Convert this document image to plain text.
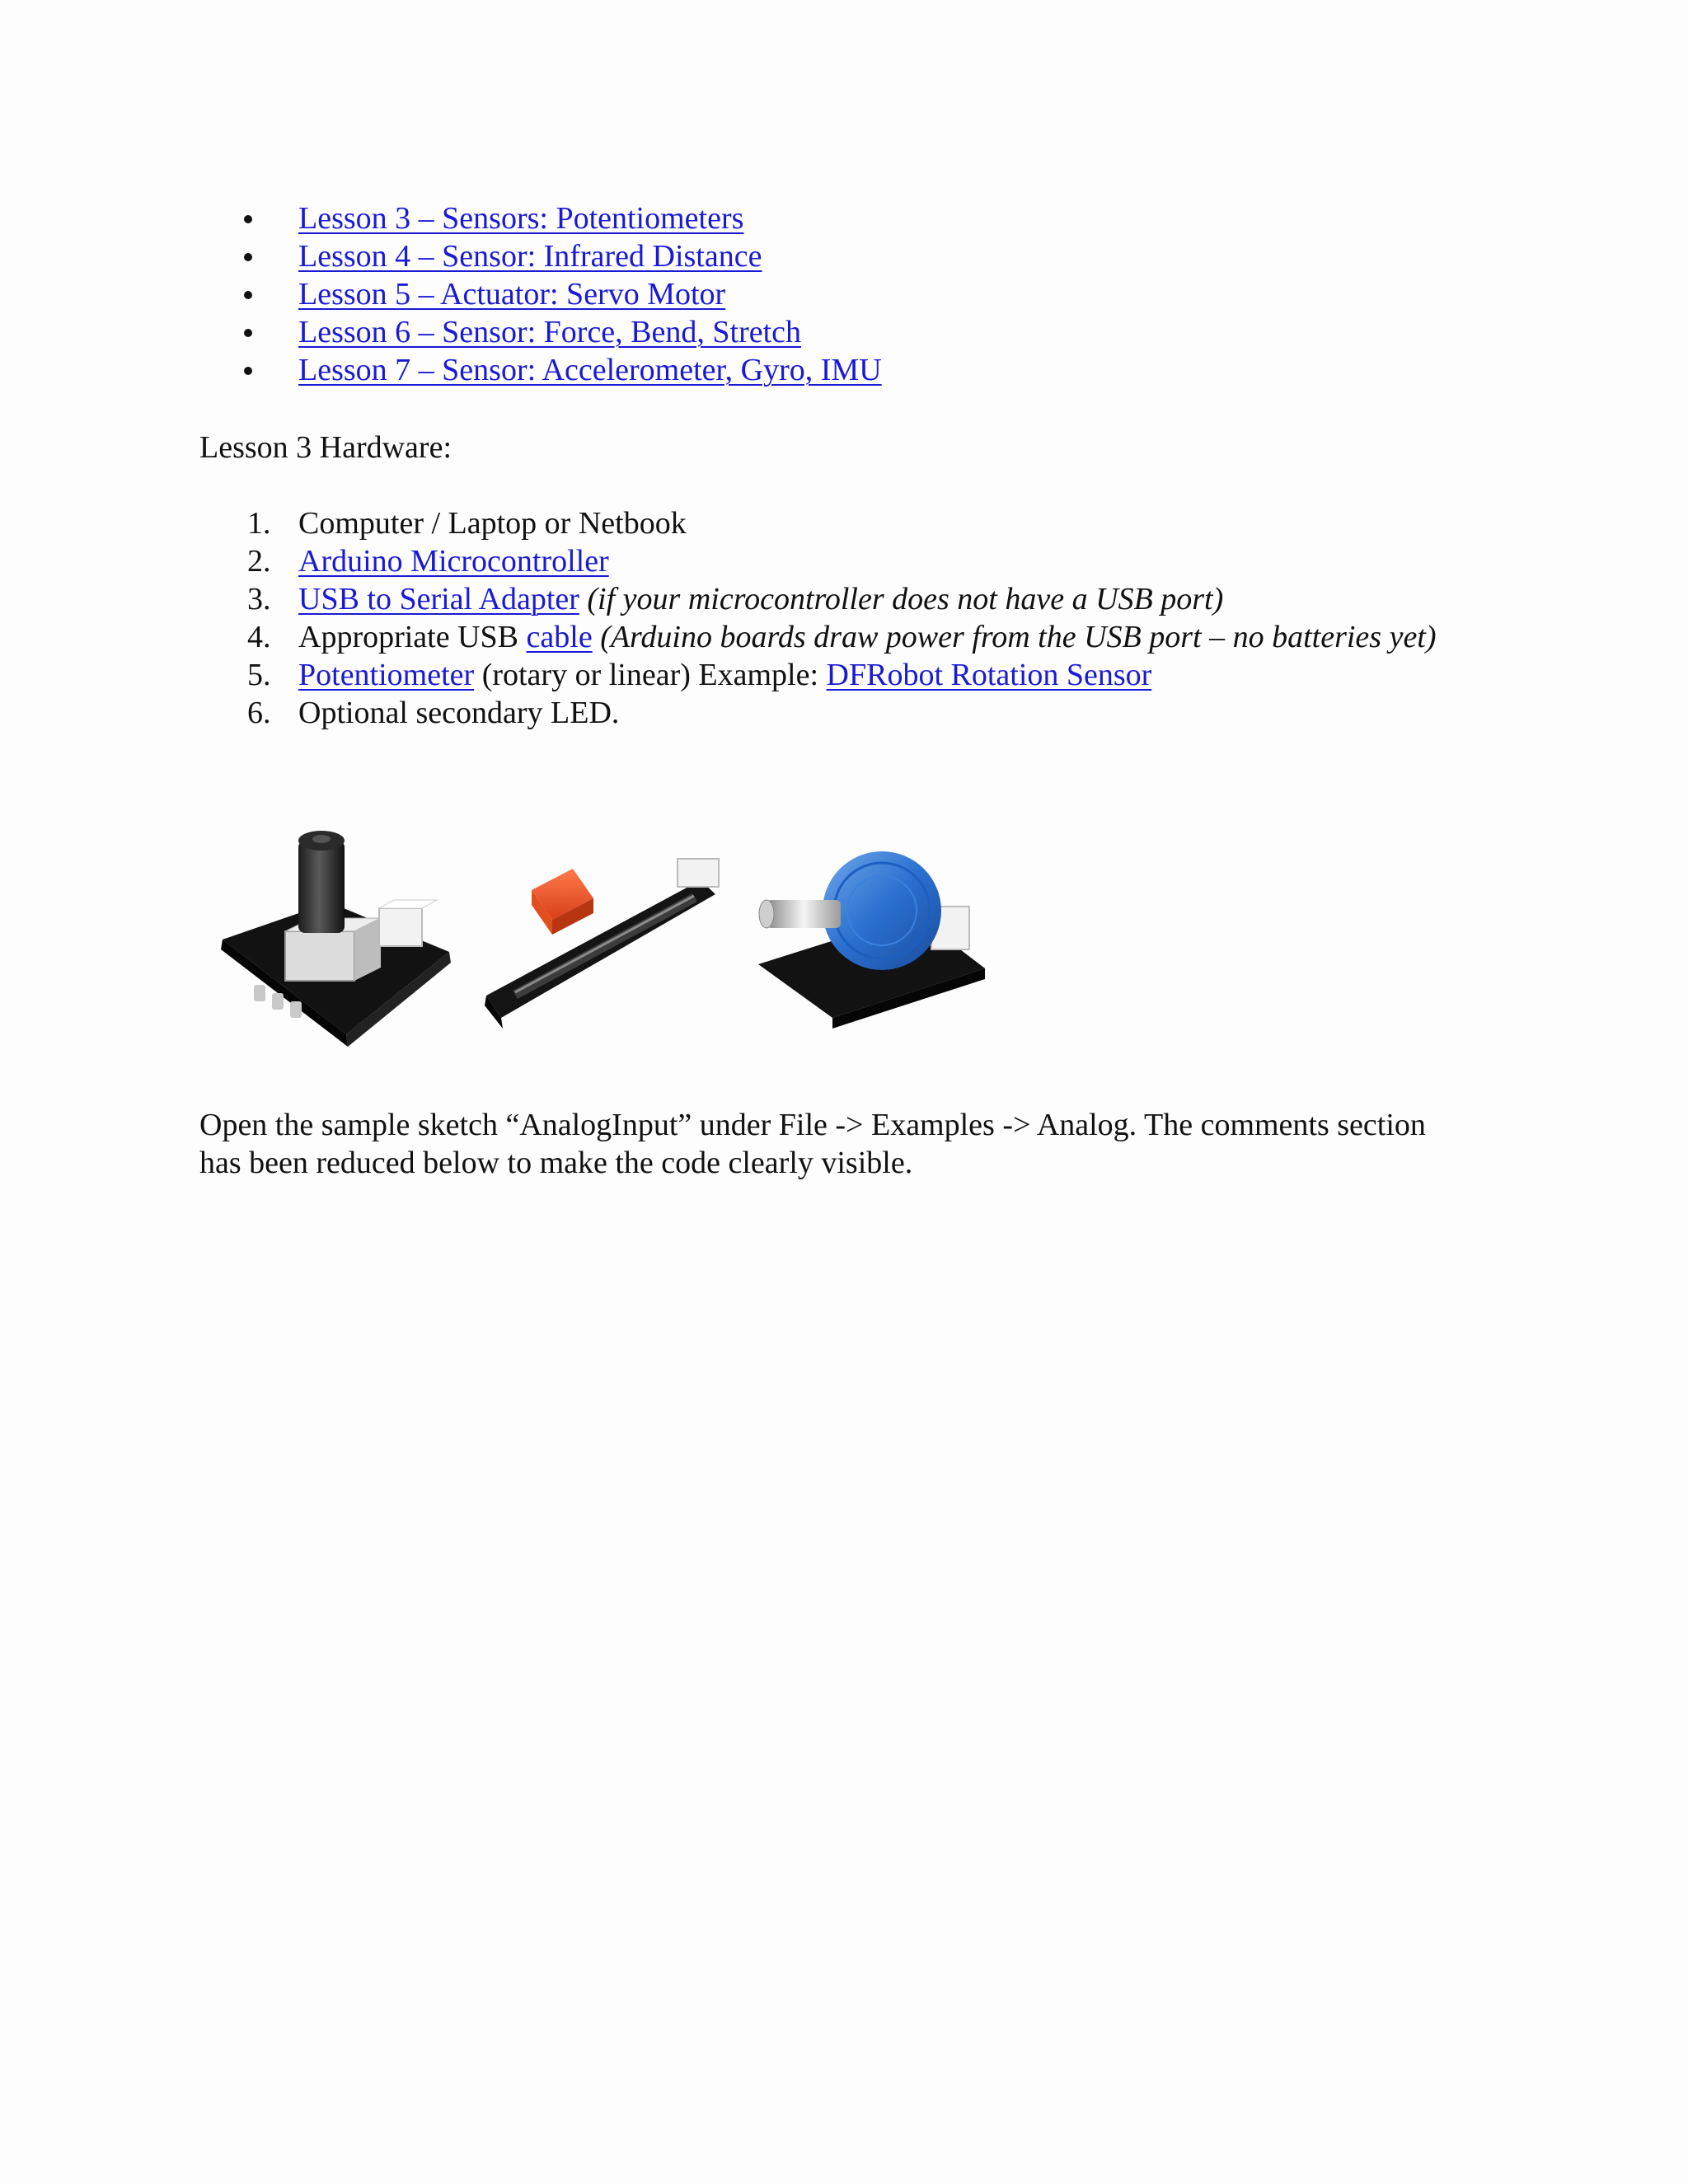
Lesson 3 – Sensors: Potentiometers
Lesson 4 – Sensor: Infrared Distance
Lesson 5 – Actuator: Servo Motor
Lesson 6 – Sensor: Force, Bend, Stretch
Lesson 7 – Sensor: Accelerometer, Gyro, IMU

Lesson 3 Hardware:

1. Computer / Laptop or Netbook
2. Arduino Microcontroller
3. USB to Serial Adapter (if your microcontroller does not have a USB port)
4. Appropriate USB cable (Arduino boards draw power from the USB port – no batteries yet)
5. Potentiometer (rotary or linear) Example: DFRobot Rotation Sensor
6. Optional secondary LED.

Open the sample sketch “AnalogInput” under File -> Examples -> Analog. The comments section has been reduced below to make the code clearly visible.
